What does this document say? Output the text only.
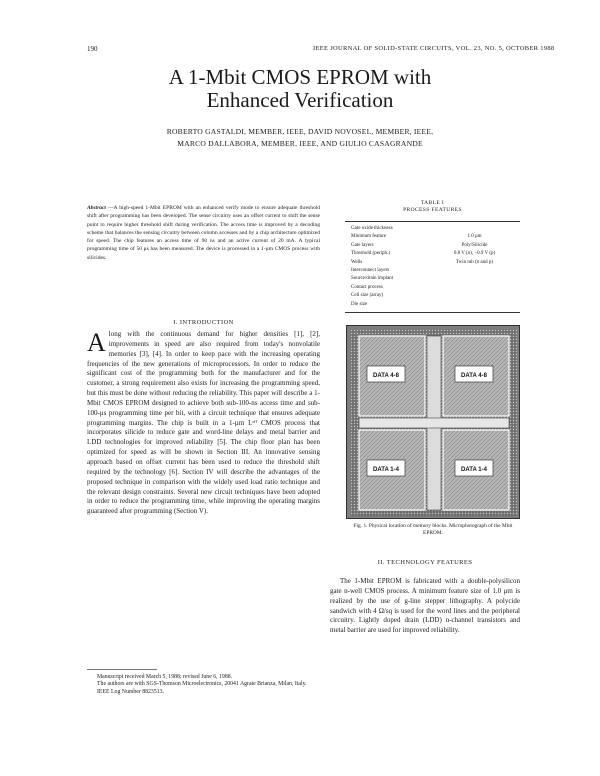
190	IEEE JOURNAL OF SOLID-STATE CIRCUITS, VOL. 23, NO. 5, OCTOBER 1988
A 1-Mbit CMOS EPROM with
Enhanced Verification
ROBERTO GASTALDI, MEMBER, IEEE, DAVID NOVOSEL, MEMBER, IEEE,
MARCO DALLABORA, MEMBER, IEEE, AND GIULIO CASAGRANDE
Abstract —A high-speed 1-Mbit EPROM with an enhanced verify mode to ensure adequate threshold shift after programming has been developed. The sense circuitry uses an offset current to shift the sense point to require higher threshold shift during verification. The access time is improved by a decoding scheme that balances the sensing circuitry between column accesses and by a chip architecture optimized for speed. The chip features an access time of 90 ns and an active current of 20 mA. A typical programming time of 50 μs has been measured. The device is processed in a 1-µm CMOS process with silicides.
TABLE I
PROCESS FEATURES
Gate oxide thickness
Minimum feature	1.0 μm
Gate layers	Poly/Silicide
Threshold (periph.)	0.8 V (n), −0.9 V (p)
Wells	Twin tub (n and p)
Interconnect layers
Source/drain implant
Contact process
Cell size (array)
Die size
I. INTRODUCTION
Along with the continuous demand for higher densities [1], [2], improvements in speed are also required from today's nonvolatile memories [3], [4]. In order to keep pace with the increasing operating frequencies of the new generations of microprocessors. In order to reduce the significant cost of the programming both for the manufacturer and for the customer, a strong requirement also exists for increasing the programming speed, but this must be done without reducing the reliability. This paper will describe a 1-Mbit CMOS EPROM designed to achieve both sub-100-ns access time and sub-100-μs programming time per bit, with a circuit technique that ensures adequate programming margins. The chip is built in a 1-µm Lᵉᶠᶠ CMOS process that incorporates silicide to reduce gate and word-line delays and metal barrier and LDD technologies for improved reliability [5]. The chip floor plan has been optimized for speed as will be shown in Section III. An innovative sensing approach based on offset current has been used to reduce the threshold shift required by the technology [6]. Section IV will describe the advantages of the proposed technique in comparison with the widely used load ratio technique and the relevant design constraints. Several new circuit techniques have been adopted in order to reduce the programming time, while improving the operating margins guaranteed after programming (Section V).
Manuscript received March 5, 1988; revised June 6, 1988.
The authors are with SGS-Thomson Microelectronics, 20041 Agrate Brianza, Milan, Italy.
IEEE Log Number 8823513.
DATA 4-8	DATA 4-8
DATA 1-4	DATA 1-4
Fig. 1. Physical location of memory blocks. Microphotograph of the Mbit EPROM.
II. TECHNOLOGY FEATURES
The 1-Mbit EPROM is fabricated with a double-polysilicon gate n-well CMOS process. A minimum feature size of 1.0 μm is realized by the use of g-line stepper lithography. A polycide sandwich with 4 Ω/sq is used for the word lines and the peripheral circuitry. Lightly doped drain (LDD) n-channel transistors and metal barrier are used for improved reliability.
